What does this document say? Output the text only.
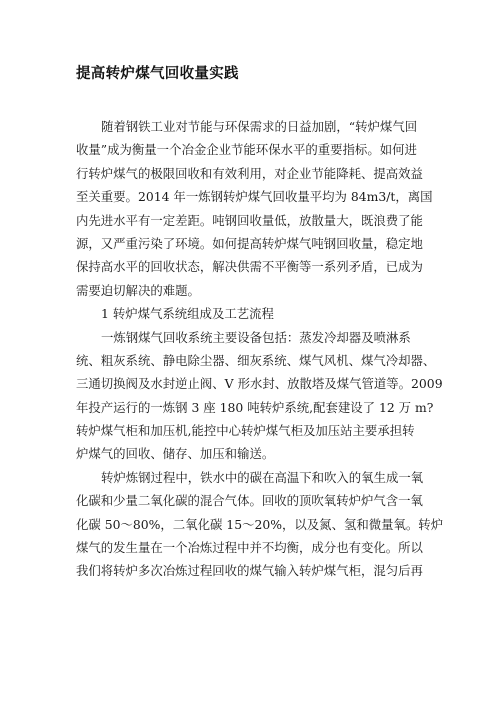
提高转炉煤气回收量实践
随着钢铁工业对节能与环保需求的日益加剧，“转炉煤气回
收量”成为衡量一个冶金企业节能环保水平的重要指标。如何进
行转炉煤气的极限回收和有效利用，对企业节能降耗、提高效益
至关重要。2014 年一炼钢转炉煤气回收量平均为 84m3/t，离国
内先进水平有一定差距。吨钢回收量低，放散量大，既浪费了能
源，又严重污染了环境。如何提高转炉煤气吨钢回收量，稳定地
保持高水平的回收状态，解决供需不平衡等一系列矛盾，已成为
需要迫切解决的难题。
1 转炉煤气系统组成及工艺流程
一炼钢煤气回收系统主要设备包括：蒸发冷却器及喷淋系
统、粗灰系统、静电除尘器、细灰系统、煤气风机、煤气冷却器、
三通切换阀及水封逆止阀、V 形水封、放散塔及煤气管道等。2009
年投产运行的一炼钢 3 座 180 吨转炉系统,配套建设了 12 万 m?
转炉煤气柜和加压机,能控中心转炉煤气柜及加压站主要承担转
炉煤气的回收、储存、加压和输送。
转炉炼钢过程中，铁水中的碳在高温下和吹入的氧生成一氧
化碳和少量二氧化碳的混合气体。回收的顶吹氧转炉炉气含一氧
化碳 50～80%，二氧化碳 15～20%，以及氮、氢和微量氧。转炉
煤气的发生量在一个冶炼过程中并不均衡，成分也有变化。所以
我们将转炉多次冶炼过程回收的煤气输入转炉煤气柜，混匀后再
